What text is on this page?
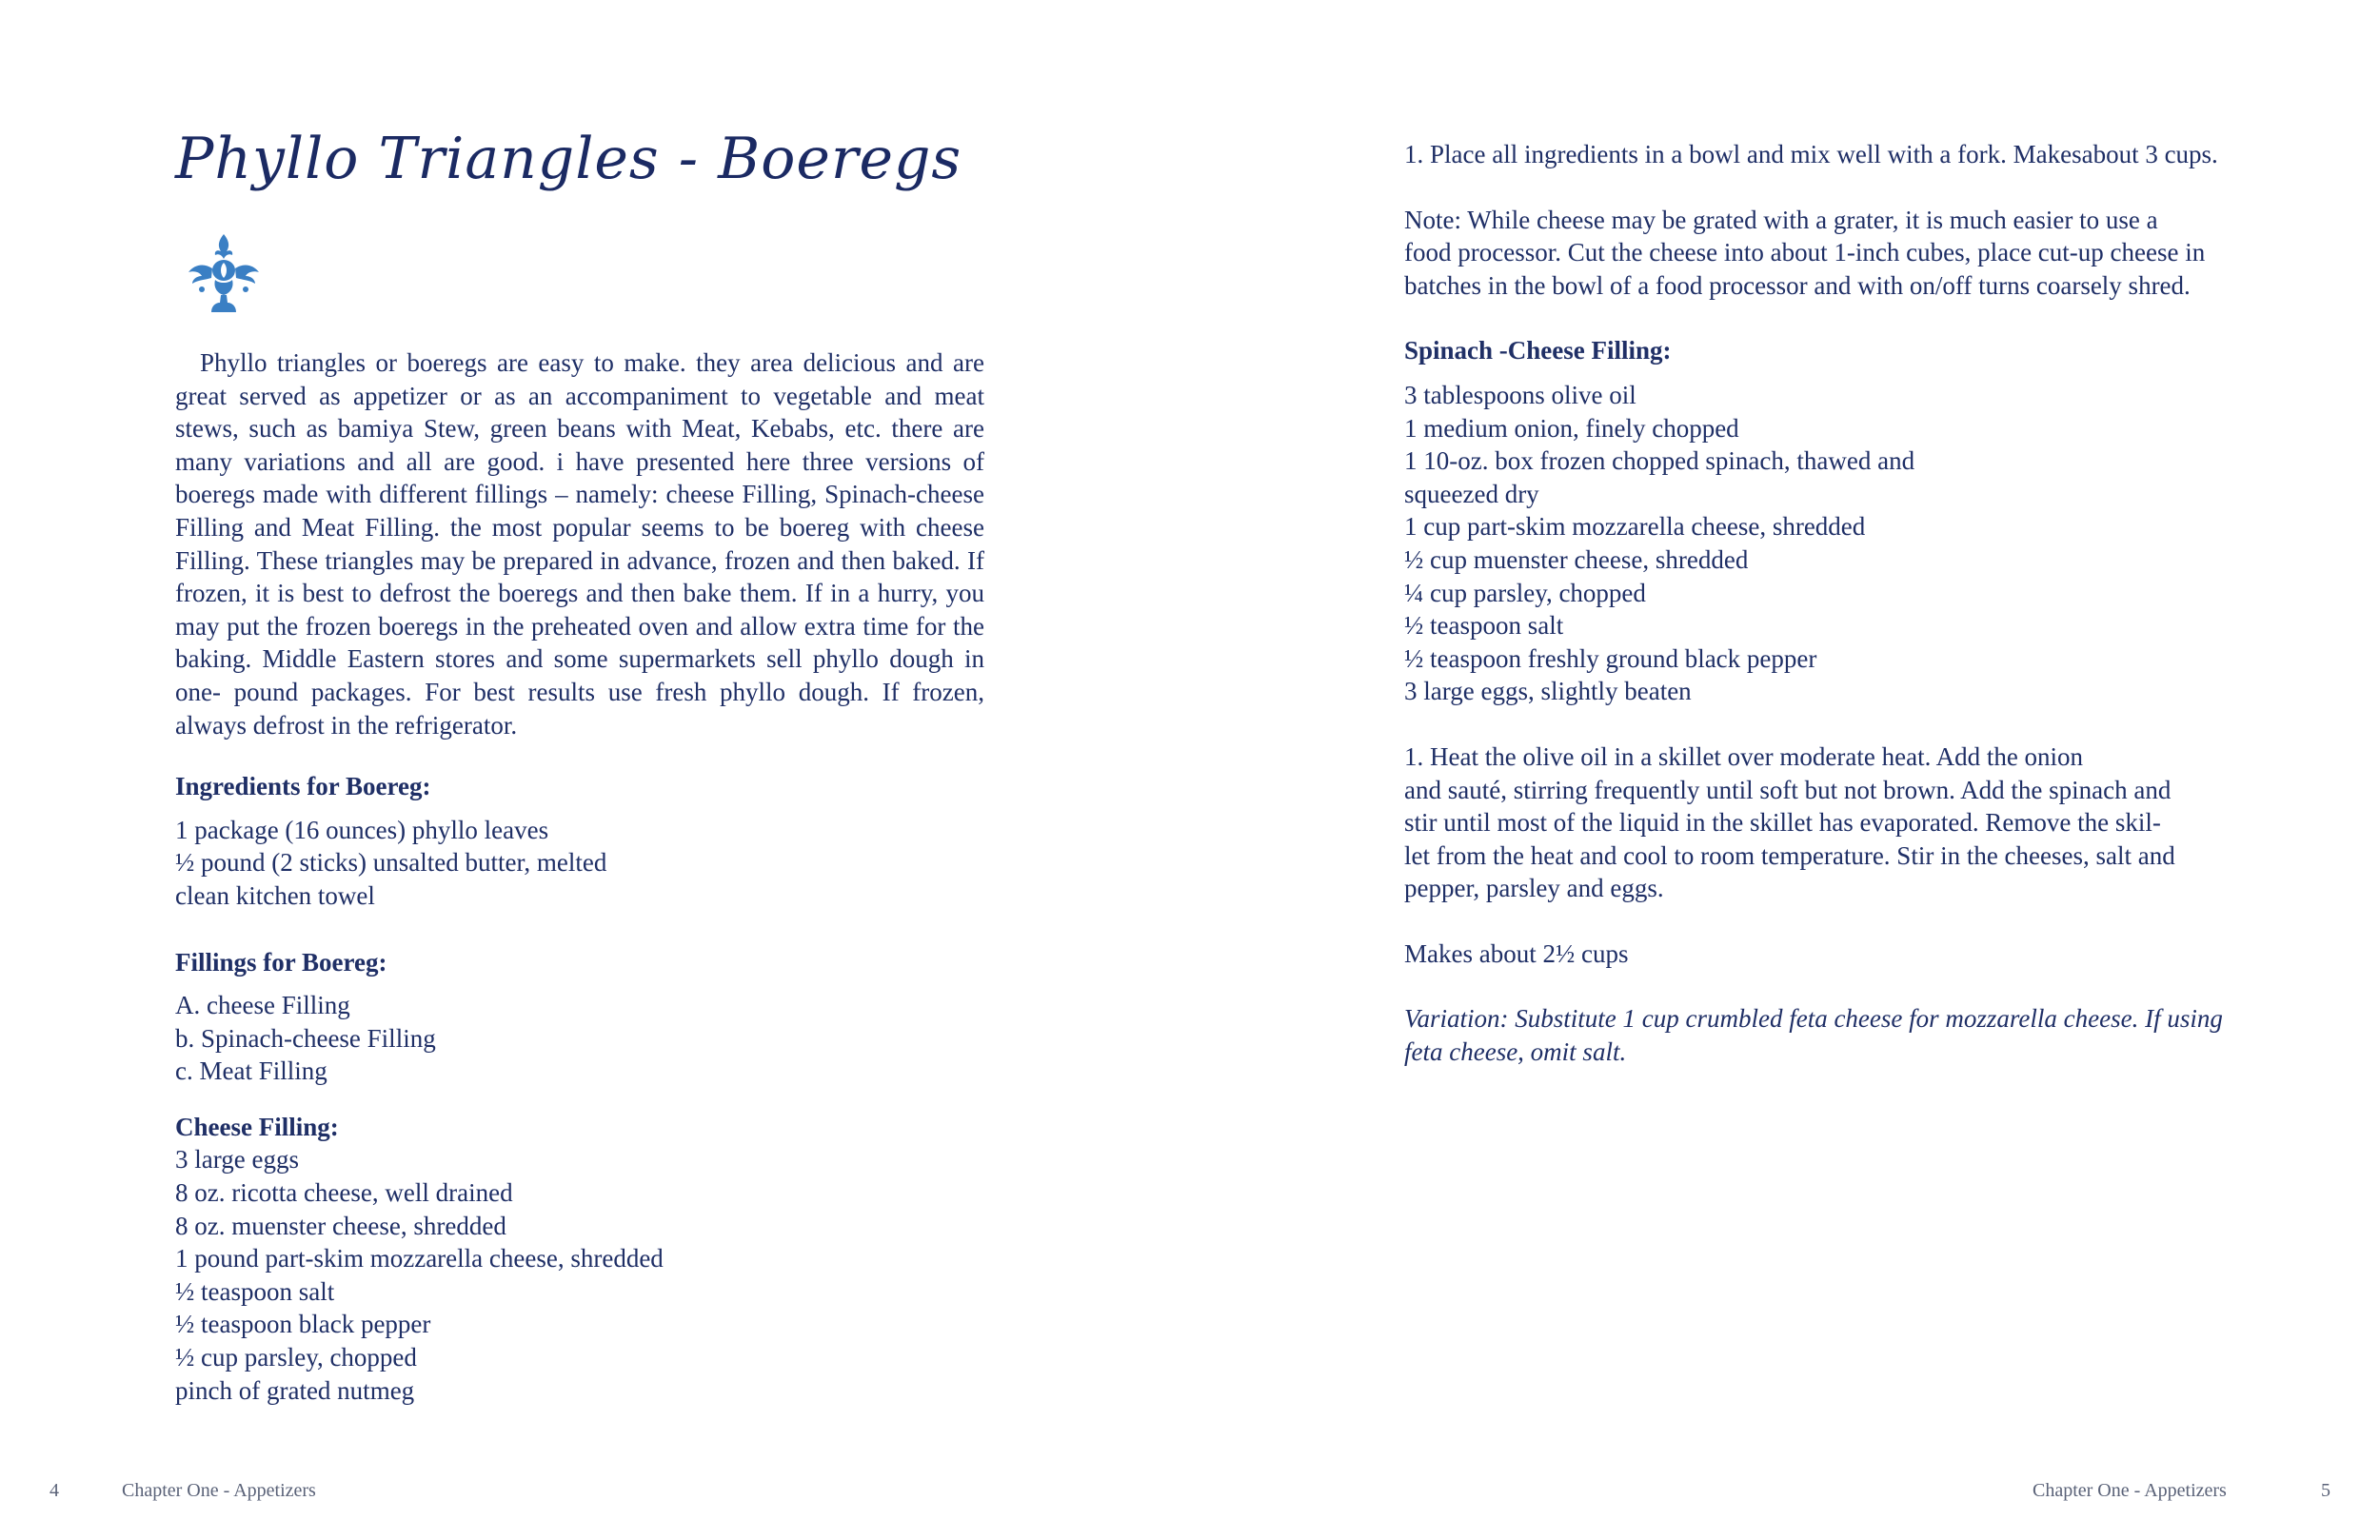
Phyllo Triangles - Boeregs

Phyllo triangles or boeregs are easy to make. they area delicious and are great served as appetizer or as an accompaniment to vegetable and meat stews, such as bamiya Stew, green beans with Meat, Kebabs, etc. there are many variations and all are good. i have presented here three versions of boeregs made with different fillings – namely: cheese Filling, Spinach-cheese Filling and Meat Filling. the most popular seems to be boereg with cheese Filling. These triangles may be prepared in advance, frozen and then baked. If frozen, it is best to defrost the boeregs and then bake them. If in a hurry, you may put the frozen boeregs in the preheated oven and allow extra time for the baking. Middle Eastern stores and some supermarkets sell phyllo dough in one- pound packages. For best results use fresh phyllo dough. If frozen, always defrost in the refrigerator.

Ingredients for Boereg:

1 package (16 ounces) phyllo leaves
½ pound (2 sticks) unsalted butter, melted
clean kitchen towel

Fillings for Boereg:

A. cheese Filling
b. Spinach-cheese Filling
c. Meat Filling

Cheese Filling:

3 large eggs
8 oz. ricotta cheese, well drained
8 oz. muenster cheese, shredded
1 pound part-skim mozzarella cheese, shredded
½ teaspoon salt
½ teaspoon black pepper
½ cup parsley, chopped
pinch of grated nutmeg
4	Chapter One - Appetizers
1. Place all ingredients in a bowl and mix well with a fork. Makesabout 3 cups.
Note: While cheese may be grated with a grater, it is much easier to use a
food processor. Cut the cheese into about 1-inch cubes, place cut-up cheese in
batches in the bowl of a food processor and with on/off turns coarsely shred.

Spinach -Cheese Filling:

3 tablespoons olive oil
1 medium onion, finely chopped
1 10-oz. box frozen chopped spinach, thawed and
squeezed dry
1 cup part-skim mozzarella cheese, shredded
½ cup muenster cheese, shredded
¼ cup parsley, chopped
½ teaspoon salt
½ teaspoon freshly ground black pepper
3 large eggs, slightly beaten
1. Heat the olive oil in a skillet over moderate heat. Add the onion
and sauté, stirring frequently until soft but not brown. Add the spinach and
stir until most of the liquid in the skillet has evaporated. Remove the skil-
let from the heat and cool to room temperature. Stir in the cheeses, salt and
pepper, parsley and eggs.
Makes about 2½ cups
Variation: Substitute 1 cup crumbled feta cheese for mozzarella cheese. If using
feta cheese, omit salt.
Chapter One - Appetizers	5
